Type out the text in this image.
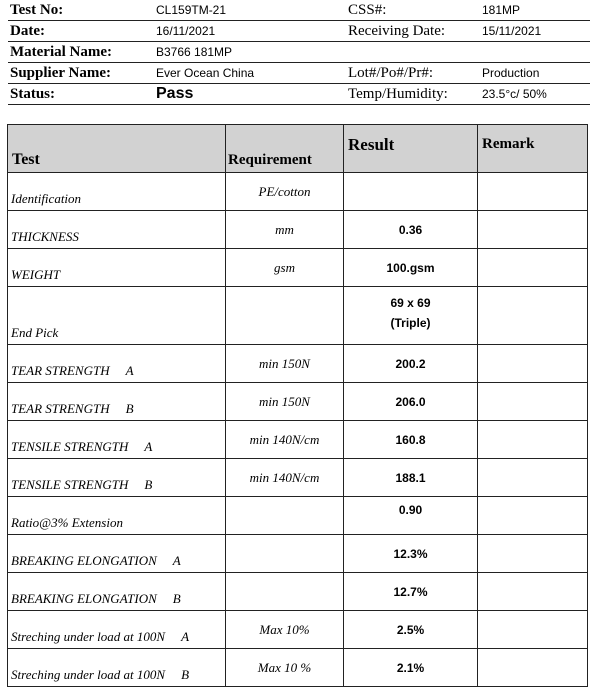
Test No:	CL159TM-21	CSS#:	181MP
Date:	16/11/2021	Receiving Date:	15/11/2021
Material Name:	B3766 181MP
Supplier Name:	Ever Ocean China	Lot#/Po#/Pr#:	Production
Status:	Pass	Temp/Humidity:	23.5°c/ 50%
Test	Requirement	Result	Remark
Identification	PE/cotton		
THICKNESS	mm	0.36	
WEIGHT	gsm	100.gsm	
End Pick		69 x 69
(Triple)	

TEAR STRENGTH A	min 150N	200.2	
TEAR STRENGTH B	min 150N	206.0	
TENSILE STRENGTH A	min 140N/cm	160.8	
TENSILE STRENGTH B	min 140N/cm	188.1	
Ratio@3% Extension		0.90	
BREAKING ELONGATION A		12.3%	
BREAKING ELONGATION B		12.7%	
Streching under load at 100N A	Max 10%	2.5%	
Streching under load at 100N B	Max 10 %	2.1%	
